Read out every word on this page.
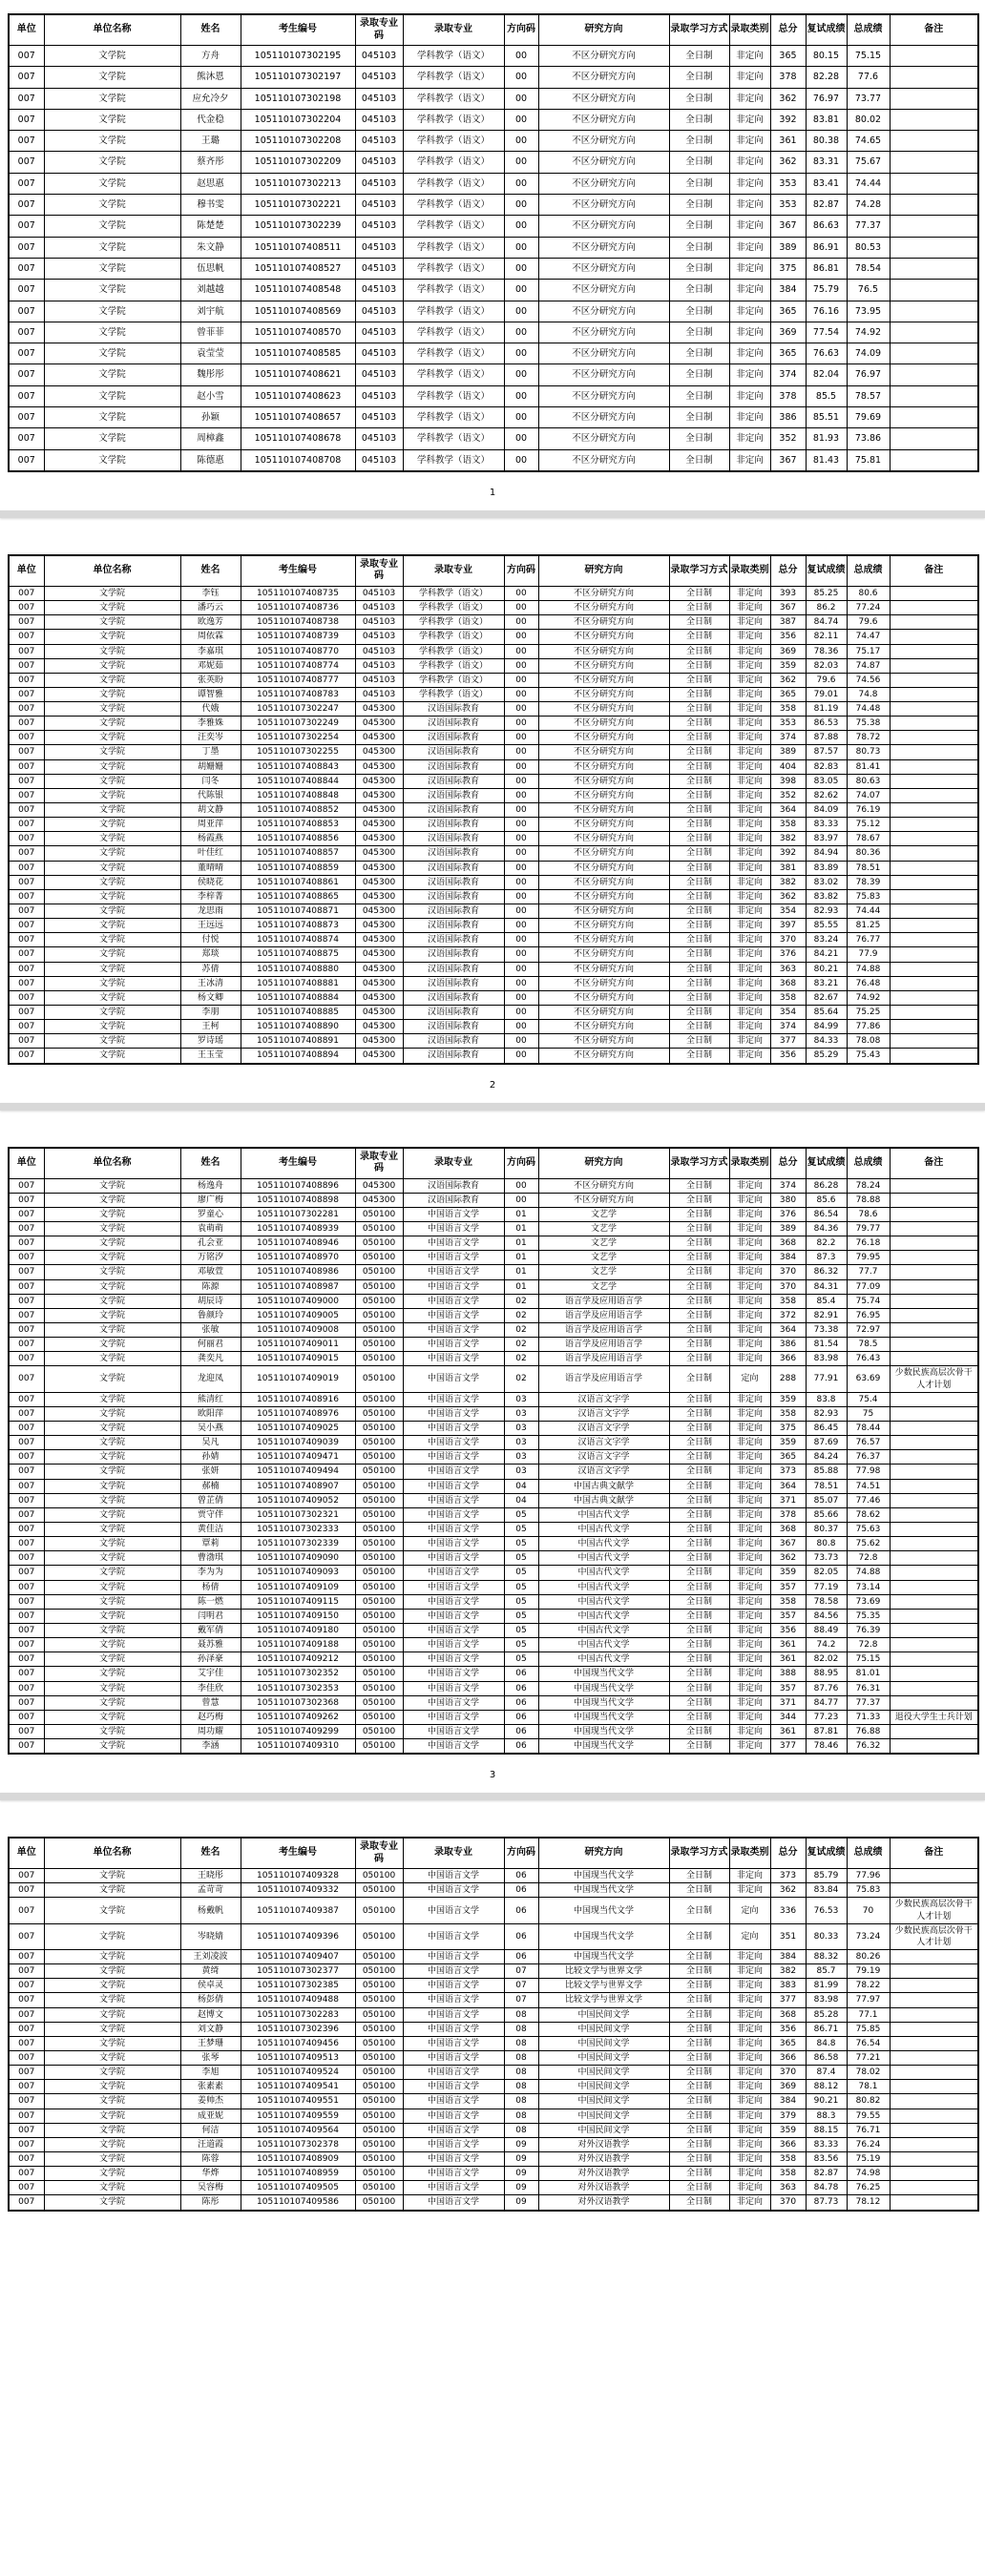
单位	单位名称	姓名	考生编号	录取专业码	录取专业	方向码	研究方向	录取学习方式	录取类别	总分	复试成绩	总成绩	备注
007	文学院	方舟	105110107302195	045103	学科教学（语文）	00	不区分研究方向	全日制	非定向	365	80.15	75.15	
007	文学院	熊沐恩	105110107302197	045103	学科教学（语文）	00	不区分研究方向	全日制	非定向	378	82.28	77.6	
007	文学院	应允冷夕	105110107302198	045103	学科教学（语文）	00	不区分研究方向	全日制	非定向	362	76.97	73.77	
007	文学院	代金稳	105110107302204	045103	学科教学（语文）	00	不区分研究方向	全日制	非定向	392	83.81	80.02	
007	文学院	王璐	105110107302208	045103	学科教学（语文）	00	不区分研究方向	全日制	非定向	361	80.38	74.65	
007	文学院	蔡齐彤	105110107302209	045103	学科教学（语文）	00	不区分研究方向	全日制	非定向	362	83.31	75.67	
007	文学院	赵思惠	105110107302213	045103	学科教学（语文）	00	不区分研究方向	全日制	非定向	353	83.41	74.44	
007	文学院	穆书雯	105110107302221	045103	学科教学（语文）	00	不区分研究方向	全日制	非定向	353	82.87	74.28	
007	文学院	陈楚楚	105110107302239	045103	学科教学（语文）	00	不区分研究方向	全日制	非定向	367	86.63	77.37	
007	文学院	朱文静	105110107408511	045103	学科教学（语文）	00	不区分研究方向	全日制	非定向	389	86.91	80.53	
007	文学院	伍思帆	105110107408527	045103	学科教学（语文）	00	不区分研究方向	全日制	非定向	375	86.81	78.54	
007	文学院	刘越越	105110107408548	045103	学科教学（语文）	00	不区分研究方向	全日制	非定向	384	75.79	76.5	
007	文学院	刘宇航	105110107408569	045103	学科教学（语文）	00	不区分研究方向	全日制	非定向	365	76.16	73.95	
007	文学院	曾菲菲	105110107408570	045103	学科教学（语文）	00	不区分研究方向	全日制	非定向	369	77.54	74.92	
007	文学院	袁莹莹	105110107408585	045103	学科教学（语文）	00	不区分研究方向	全日制	非定向	365	76.63	74.09	
007	文学院	魏彤彤	105110107408621	045103	学科教学（语文）	00	不区分研究方向	全日制	非定向	374	82.04	76.97	
007	文学院	赵小雪	105110107408623	045103	学科教学（语文）	00	不区分研究方向	全日制	非定向	378	85.5	78.57	
007	文学院	孙颖	105110107408657	045103	学科教学（语文）	00	不区分研究方向	全日制	非定向	386	85.51	79.69	
007	文学院	周樟鑫	105110107408678	045103	学科教学（语文）	00	不区分研究方向	全日制	非定向	352	81.93	73.86	
007	文学院	陈德惠	105110107408708	045103	学科教学（语文）	00	不区分研究方向	全日制	非定向	367	81.43	75.81	
1
单位	单位名称	姓名	考生编号	录取专业码	录取专业	方向码	研究方向	录取学习方式	录取类别	总分	复试成绩	总成绩	备注
007	文学院	李钰	105110107408735	045103	学科教学（语文）	00	不区分研究方向	全日制	非定向	393	85.25	80.6	
007	文学院	潘巧云	105110107408736	045103	学科教学（语文）	00	不区分研究方向	全日制	非定向	367	86.2	77.24	
007	文学院	欧逸芳	105110107408738	045103	学科教学（语文）	00	不区分研究方向	全日制	非定向	387	84.74	79.6	
007	文学院	周依霖	105110107408739	045103	学科教学（语文）	00	不区分研究方向	全日制	非定向	356	82.11	74.47	
007	文学院	李嘉琪	105110107408770	045103	学科教学（语文）	00	不区分研究方向	全日制	非定向	369	78.36	75.17	
007	文学院	邓妮茹	105110107408774	045103	学科教学（语文）	00	不区分研究方向	全日制	非定向	359	82.03	74.87	
007	文学院	张英盼	105110107408777	045103	学科教学（语文）	00	不区分研究方向	全日制	非定向	362	79.6	74.56	
007	文学院	谭智雅	105110107408783	045103	学科教学（语文）	00	不区分研究方向	全日制	非定向	365	79.01	74.8	
007	文学院	代娥	105110107302247	045300	汉语国际教育	00	不区分研究方向	全日制	非定向	358	81.19	74.48	
007	文学院	李雅姝	105110107302249	045300	汉语国际教育	00	不区分研究方向	全日制	非定向	353	86.53	75.38	
007	文学院	汪奕岑	105110107302254	045300	汉语国际教育	00	不区分研究方向	全日制	非定向	374	87.88	78.72	
007	文学院	丁墨	105110107302255	045300	汉语国际教育	00	不区分研究方向	全日制	非定向	389	87.57	80.73	
007	文学院	胡姗姗	105110107408843	045300	汉语国际教育	00	不区分研究方向	全日制	非定向	404	82.83	81.41	
007	文学院	闫冬	105110107408844	045300	汉语国际教育	00	不区分研究方向	全日制	非定向	398	83.05	80.63	
007	文学院	代陈银	105110107408848	045300	汉语国际教育	00	不区分研究方向	全日制	非定向	352	82.62	74.07	
007	文学院	胡文静	105110107408852	045300	汉语国际教育	00	不区分研究方向	全日制	非定向	364	84.09	76.19	
007	文学院	周亚萍	105110107408853	045300	汉语国际教育	00	不区分研究方向	全日制	非定向	358	83.33	75.12	
007	文学院	杨霞燕	105110107408856	045300	汉语国际教育	00	不区分研究方向	全日制	非定向	382	83.97	78.67	
007	文学院	叶佳红	105110107408857	045300	汉语国际教育	00	不区分研究方向	全日制	非定向	392	84.94	80.36	
007	文学院	董晴晴	105110107408859	045300	汉语国际教育	00	不区分研究方向	全日制	非定向	381	83.89	78.51	
007	文学院	侯晓花	105110107408861	045300	汉语国际教育	00	不区分研究方向	全日制	非定向	382	83.02	78.39	
007	文学院	李梓菁	105110107408865	045300	汉语国际教育	00	不区分研究方向	全日制	非定向	362	83.82	75.83	
007	文学院	龙思雨	105110107408871	045300	汉语国际教育	00	不区分研究方向	全日制	非定向	354	82.93	74.44	
007	文学院	王远远	105110107408873	045300	汉语国际教育	00	不区分研究方向	全日制	非定向	397	85.55	81.25	
007	文学院	付悦	105110107408874	045300	汉语国际教育	00	不区分研究方向	全日制	非定向	370	83.24	76.77	
007	文学院	郑琰	105110107408875	045300	汉语国际教育	00	不区分研究方向	全日制	非定向	376	84.21	77.9	
007	文学院	苏倩	105110107408880	045300	汉语国际教育	00	不区分研究方向	全日制	非定向	363	80.21	74.88	
007	文学院	王冰清	105110107408881	045300	汉语国际教育	00	不区分研究方向	全日制	非定向	368	83.21	76.48	
007	文学院	杨文卿	105110107408884	045300	汉语国际教育	00	不区分研究方向	全日制	非定向	358	82.67	74.92	
007	文学院	李朋	105110107408885	045300	汉语国际教育	00	不区分研究方向	全日制	非定向	354	85.64	75.25	
007	文学院	王柯	105110107408890	045300	汉语国际教育	00	不区分研究方向	全日制	非定向	374	84.99	77.86	
007	文学院	罗诗瑶	105110107408891	045300	汉语国际教育	00	不区分研究方向	全日制	非定向	377	84.33	78.08	
007	文学院	王玉莹	105110107408894	045300	汉语国际教育	00	不区分研究方向	全日制	非定向	356	85.29	75.43	
2
单位	单位名称	姓名	考生编号	录取专业码	录取专业	方向码	研究方向	录取学习方式	录取类别	总分	复试成绩	总成绩	备注
007	文学院	杨逸舟	105110107408896	045300	汉语国际教育	00	不区分研究方向	全日制	非定向	374	86.28	78.24	
007	文学院	廖广梅	105110107408898	045300	汉语国际教育	00	不区分研究方向	全日制	非定向	380	85.6	78.88	
007	文学院	罗童心	105110107302281	050100	中国语言文学	01	文艺学	全日制	非定向	376	86.54	78.6	
007	文学院	袁萌萌	105110107408939	050100	中国语言文学	01	文艺学	全日制	非定向	389	84.36	79.77	
007	文学院	孔会亚	105110107408946	050100	中国语言文学	01	文艺学	全日制	非定向	368	82.2	76.18	
007	文学院	万铭汐	105110107408970	050100	中国语言文学	01	文艺学	全日制	非定向	384	87.3	79.95	
007	文学院	邓敏萱	105110107408986	050100	中国语言文学	01	文艺学	全日制	非定向	370	86.32	77.7	
007	文学院	陈源	105110107408987	050100	中国语言文学	01	文艺学	全日制	非定向	370	84.31	77.09	
007	文学院	胡辰诗	105110107409000	050100	中国语言文学	02	语言学及应用语言学	全日制	非定向	358	85.4	75.74	
007	文学院	鲁颜玲	105110107409005	050100	中国语言文学	02	语言学及应用语言学	全日制	非定向	372	82.91	76.95	
007	文学院	张敏	105110107409008	050100	中国语言文学	02	语言学及应用语言学	全日制	非定向	364	73.38	72.97	
007	文学院	何丽君	105110107409011	050100	中国语言文学	02	语言学及应用语言学	全日制	非定向	386	81.54	78.5	
007	文学院	龚奕凡	105110107409015	050100	中国语言文学	02	语言学及应用语言学	全日制	非定向	366	83.98	76.43	
007	文学院	龙迎凤	105110107409019	050100	中国语言文学	02	语言学及应用语言学	全日制	定向	288	77.91	63.69	少数民族高层次骨干人才计划
007	文学院	熊清红	105110107408916	050100	中国语言文学	03	汉语言文字学	全日制	非定向	359	83.8	75.4	
007	文学院	欧阳萍	105110107408976	050100	中国语言文学	03	汉语言文字学	全日制	非定向	358	82.93	75	
007	文学院	吴小燕	105110107409025	050100	中国语言文学	03	汉语言文字学	全日制	非定向	375	86.45	78.44	
007	文学院	吴凡	105110107409039	050100	中国语言文学	03	汉语言文字学	全日制	非定向	359	87.69	76.57	
007	文学院	孙婧	105110107409471	050100	中国语言文学	03	汉语言文字学	全日制	非定向	365	84.24	76.37	
007	文学院	张妍	105110107409494	050100	中国语言文学	03	汉语言文字学	全日制	非定向	373	85.88	77.98	
007	文学院	郝楠	105110107408907	050100	中国语言文学	04	中国古典文献学	全日制	非定向	364	78.51	74.51	
007	文学院	曾芷倩	105110107409052	050100	中国语言文学	04	中国古典文献学	全日制	非定向	371	85.07	77.46	
007	文学院	贾守伴	105110107302321	050100	中国语言文学	05	中国古代文学	全日制	非定向	378	85.66	78.62	
007	文学院	黄佳洁	105110107302333	050100	中国语言文学	05	中国古代文学	全日制	非定向	368	80.37	75.63	
007	文学院	覃莉	105110107302339	050100	中国语言文学	05	中国古代文学	全日制	非定向	367	80.8	75.62	
007	文学院	曹渤琪	105110107409090	050100	中国语言文学	05	中国古代文学	全日制	非定向	362	73.73	72.8	
007	文学院	李为为	105110107409093	050100	中国语言文学	05	中国古代文学	全日制	非定向	359	82.05	74.88	
007	文学院	杨倩	105110107409109	050100	中国语言文学	05	中国古代文学	全日制	非定向	357	77.19	73.14	
007	文学院	陈一燃	105110107409115	050100	中国语言文学	05	中国古代文学	全日制	非定向	358	78.58	73.69	
007	文学院	闫明君	105110107409150	050100	中国语言文学	05	中国古代文学	全日制	非定向	357	84.56	75.35	
007	文学院	戴军倩	105110107409180	050100	中国语言文学	05	中国古代文学	全日制	非定向	356	88.49	76.39	
007	文学院	聂苏雅	105110107409188	050100	中国语言文学	05	中国古代文学	全日制	非定向	361	74.2	72.8	
007	文学院	孙泽豪	105110107409212	050100	中国语言文学	05	中国古代文学	全日制	非定向	361	82.02	75.15	
007	文学院	艾宇佳	105110107302352	050100	中国语言文学	06	中国现当代文学	全日制	非定向	388	88.95	81.01	
007	文学院	李佳欣	105110107302353	050100	中国语言文学	06	中国现当代文学	全日制	非定向	357	87.76	76.31	
007	文学院	曾慧	105110107302368	050100	中国语言文学	06	中国现当代文学	全日制	非定向	371	84.77	77.37	
007	文学院	赵巧梅	105110107409262	050100	中国语言文学	06	中国现当代文学	全日制	非定向	344	77.23	71.33	退役大学生士兵计划
007	文学院	周功耀	105110107409299	050100	中国语言文学	06	中国现当代文学	全日制	非定向	361	87.81	76.88	
007	文学院	李涵	105110107409310	050100	中国语言文学	06	中国现当代文学	全日制	非定向	377	78.46	76.32	
3
单位	单位名称	姓名	考生编号	录取专业码	录取专业	方向码	研究方向	录取学习方式	录取类别	总分	复试成绩	总成绩	备注
007	文学院	王晓彤	105110107409328	050100	中国语言文学	06	中国现当代文学	全日制	非定向	373	85.79	77.96	
007	文学院	孟苛苛	105110107409332	050100	中国语言文学	06	中国现当代文学	全日制	非定向	362	83.84	75.83	
007	文学院	杨戴帆	105110107409387	050100	中国语言文学	06	中国现当代文学	全日制	定向	336	76.53	70	少数民族高层次骨干人才计划
007	文学院	岑晓婧	105110107409396	050100	中国语言文学	06	中国现当代文学	全日制	定向	351	80.33	73.24	少数民族高层次骨干人才计划
007	文学院	王刘凌波	105110107409407	050100	中国语言文学	06	中国现当代文学	全日制	非定向	384	88.32	80.26	
007	文学院	黄绮	105110107302377	050100	中国语言文学	07	比较文学与世界文学	全日制	非定向	382	85.7	79.19	
007	文学院	侯卓灵	105110107302385	050100	中国语言文学	07	比较文学与世界文学	全日制	非定向	383	81.99	78.22	
007	文学院	杨彭倩	105110107409488	050100	中国语言文学	07	比较文学与世界文学	全日制	非定向	377	83.98	77.97	
007	文学院	赵博文	105110107302283	050100	中国语言文学	08	中国民间文学	全日制	非定向	368	85.28	77.1	
007	文学院	刘文静	105110107302396	050100	中国语言文学	08	中国民间文学	全日制	非定向	356	86.71	75.85	
007	文学院	王梦珊	105110107409456	050100	中国语言文学	08	中国民间文学	全日制	非定向	365	84.8	76.54	
007	文学院	张琴	105110107409513	050100	中国语言文学	08	中国民间文学	全日制	非定向	366	86.58	77.21	
007	文学院	李旭	105110107409524	050100	中国语言文学	08	中国民间文学	全日制	非定向	370	87.4	78.02	
007	文学院	张素素	105110107409541	050100	中国语言文学	08	中国民间文学	全日制	非定向	369	88.12	78.1	
007	文学院	姜帅杰	105110107409551	050100	中国语言文学	08	中国民间文学	全日制	非定向	384	90.21	80.82	
007	文学院	成亚妮	105110107409559	050100	中国语言文学	08	中国民间文学	全日制	非定向	379	88.3	79.55	
007	文学院	何洁	105110107409564	050100	中国语言文学	08	中国民间文学	全日制	非定向	359	88.15	76.71	
007	文学院	汪道霞	105110107302378	050100	中国语言文学	09	对外汉语教学	全日制	非定向	366	83.33	76.24	
007	文学院	陈蓉	105110107408909	050100	中国语言文学	09	对外汉语教学	全日制	非定向	358	83.56	75.19	
007	文学院	华烨	105110107408959	050100	中国语言文学	09	对外汉语教学	全日制	非定向	358	82.87	74.98	
007	文学院	吴容梅	105110107409505	050100	中国语言文学	09	对外汉语教学	全日制	非定向	363	84.78	76.25	
007	文学院	陈彤	105110107409586	050100	中国语言文学	09	对外汉语教学	全日制	非定向	370	87.73	78.12	
